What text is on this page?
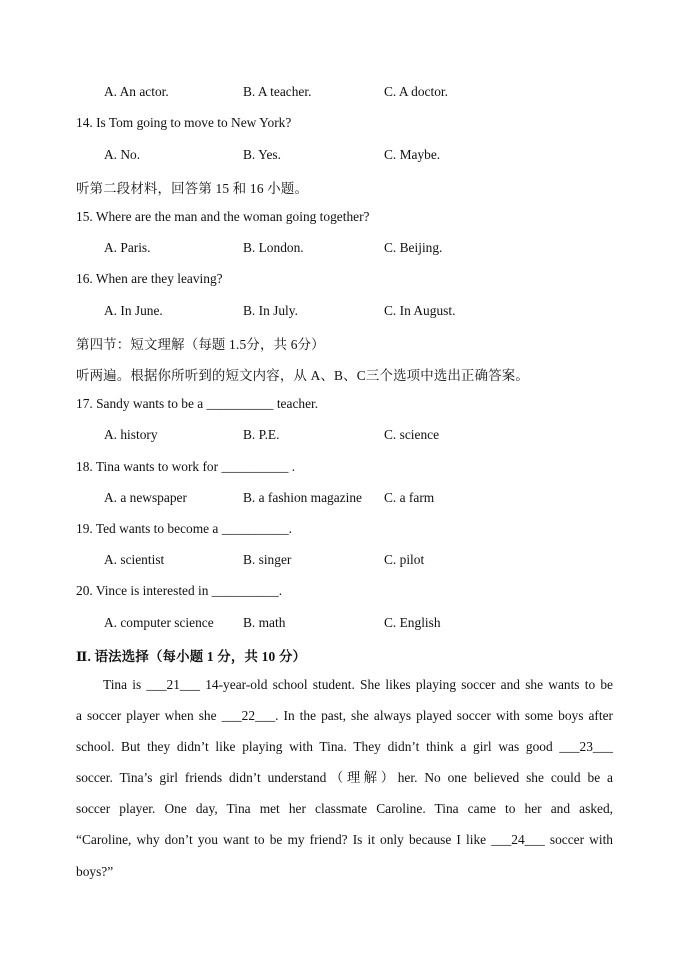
A. An actor.	B. A teacher.	C. A doctor.
14. Is Tom going to move to New York?
A. No.	B. Yes.	C. Maybe.
听第二段材料，回答第 15 和 16 小题。
15. Where are the man and the woman going together?
A. Paris.	B. London.	C. Beijing.
16. When are they leaving?
A. In June.	B. In July.	C. In August.
第四节：短文理解（每题 1.5分，共 6分）
听两遍。根据你所听到的短文内容，从 A、B、C三个选项中选出正确答案。
17. Sandy wants to be a __________ teacher.
A. history	B. P.E.	C. science
18. Tina wants to work for __________ .
A. a newspaper	B. a fashion magazine C. a farm
19. Ted wants to become a __________.
A. scientist	B. singer	C. pilot
20. Vince is interested in __________.
A. computer science B. math	C. English
Ⅱ. 语法选择（每小题 1 分，共 10 分）
Tina is ___21___ 14-year-old school student. She likes playing soccer and she wants to be
a soccer player when she ___22___. In the past, she always played soccer with some boys after
school. But they didn’t like playing with Tina. They didn’t think a girl was good ___23___
soccer. Tina’s girl friends didn’t understand（理解）her. No one believed she could be a
soccer player. One day, Tina met her classmate Caroline. Tina came to her and asked,
“Caroline, why don’t you want to be my friend? Is it only because I like ___24___ soccer with
boys?”
